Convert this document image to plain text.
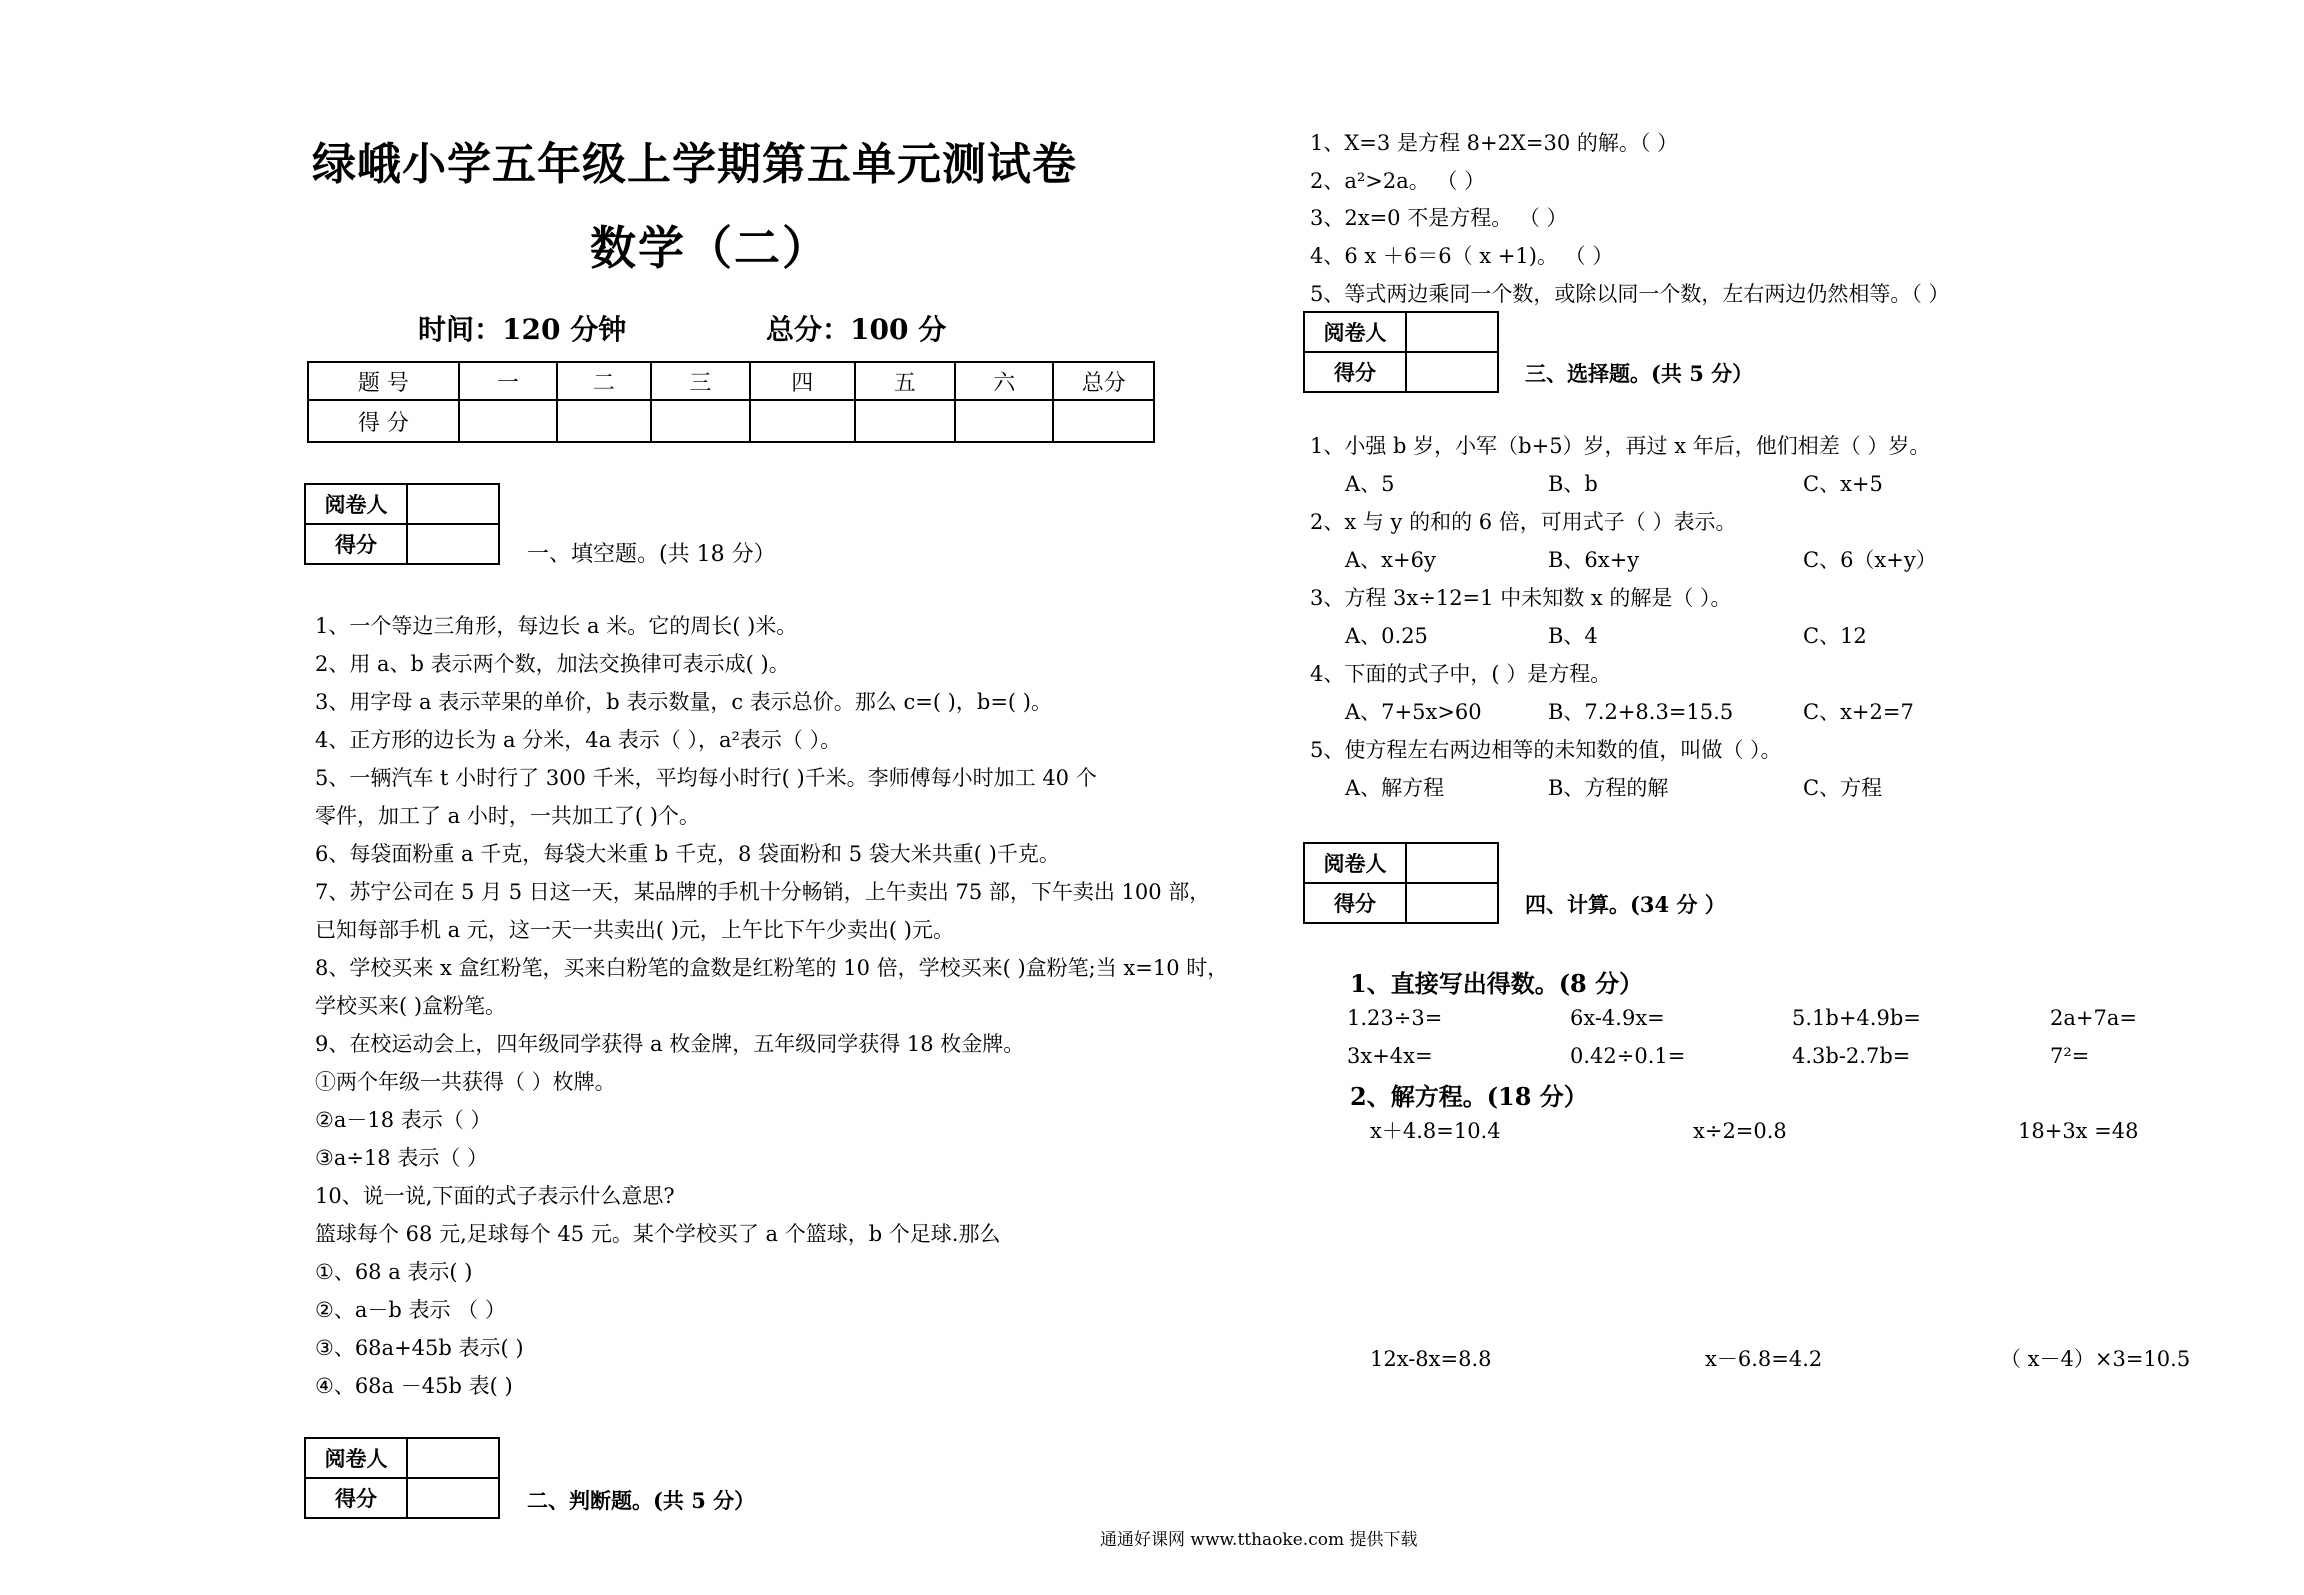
绿峨小学五年级上学期第五单元测试卷
数学（二）
时间：120 分钟	总分：100 分
题 号	一	二	三	四	五	六	总分
得 分							
阅卷人	
得分		一、填空题。(共 18 分）
1、一个等边三角形，每边长 a 米。它的周长( )米。
2、用 a、b 表示两个数，加法交换律可表示成( )。
3、用字母 a 表示苹果的单价，b 表示数量，c 表示总价。那么 c=( )，b=( )。
4、正方形的边长为 a 分米，4a 表示（ ），a²表示（ ）。
5、一辆汽车 t 小时行了 300 千米，平均每小时行( )千米。李师傅每小时加工 40 个
零件，加工了 a 小时，一共加工了( )个。
6、每袋面粉重 a 千克，每袋大米重 b 千克，8 袋面粉和 5 袋大米共重( )千克。
7、苏宁公司在 5 月 5 日这一天，某品牌的手机十分畅销，上午卖出 75 部，下午卖出 100 部，
已知每部手机 a 元，这一天一共卖出( )元，上午比下午少卖出( )元。
8、学校买来 x 盒红粉笔，买来白粉笔的盒数是红粉笔的 10 倍，学校买来( )盒粉笔;当 x=10 时，
学校买来( )盒粉笔。
9、在校运动会上，四年级同学获得 a 枚金牌，五年级同学获得 18 枚金牌。
①两个年级一共获得（ ）枚牌。
②a－18 表示（ ）
③a÷18 表示（ ）
10、说一说,下面的式子表示什么意思?
篮球每个 68 元,足球每个 45 元。某个学校买了 a 个篮球，b 个足球.那么
①、68 a 表示( )
②、a－b 表示 （ ）
③、68a+45b 表示( )
④、68a －45b 表( )
阅卷人	
得分		二、判断题。(共 5 分）
1、X=3 是方程 8+2X=30 的解。（ ）
2、a²>2a。 （ ）
3、2x=0 不是方程。 （ ）
4、6 x ＋6＝6（ x +1)。 （ ）
5、等式两边乘同一个数，或除以同一个数，左右两边仍然相等。（ ）
阅卷人	
得分		三、选择题。(共 5 分）
1、小强 b 岁，小军（b+5）岁，再过 x 年后，他们相差（ ）岁。
A、5	B、b	C、x+5
2、x 与 y 的和的 6 倍，可用式子（ ）表示。
A、x+6y	B、6x+y	C、6（x+y）
3、方程 3x÷12=1 中未知数 x 的解是（ ）。
A、0.25	B、4	C、12
4、下面的式子中，( ）是方程。
A、7+5x>60	B、7.2+8.3=15.5	C、x+2=7
5、使方程左右两边相等的未知数的值，叫做（ ）。
A、解方程	B、方程的解	C、方程
阅卷人	
得分		四、计算。(34 分 ）
1、直接写出得数。(8 分）
1.23÷3=	6x-4.9x=	5.1b+4.9b=	2a+7a=
3x+4x=	0.42÷0.1=	4.3b-2.7b=	7²=
2、解方程。(18 分）
x＋4.8=10.4	x÷2=0.8	18+3x =48
12x-8x=8.8	x－6.8=4.2	（ x－4）×3=10.5
通通好课网 www.tthaoke.com 提供下载
